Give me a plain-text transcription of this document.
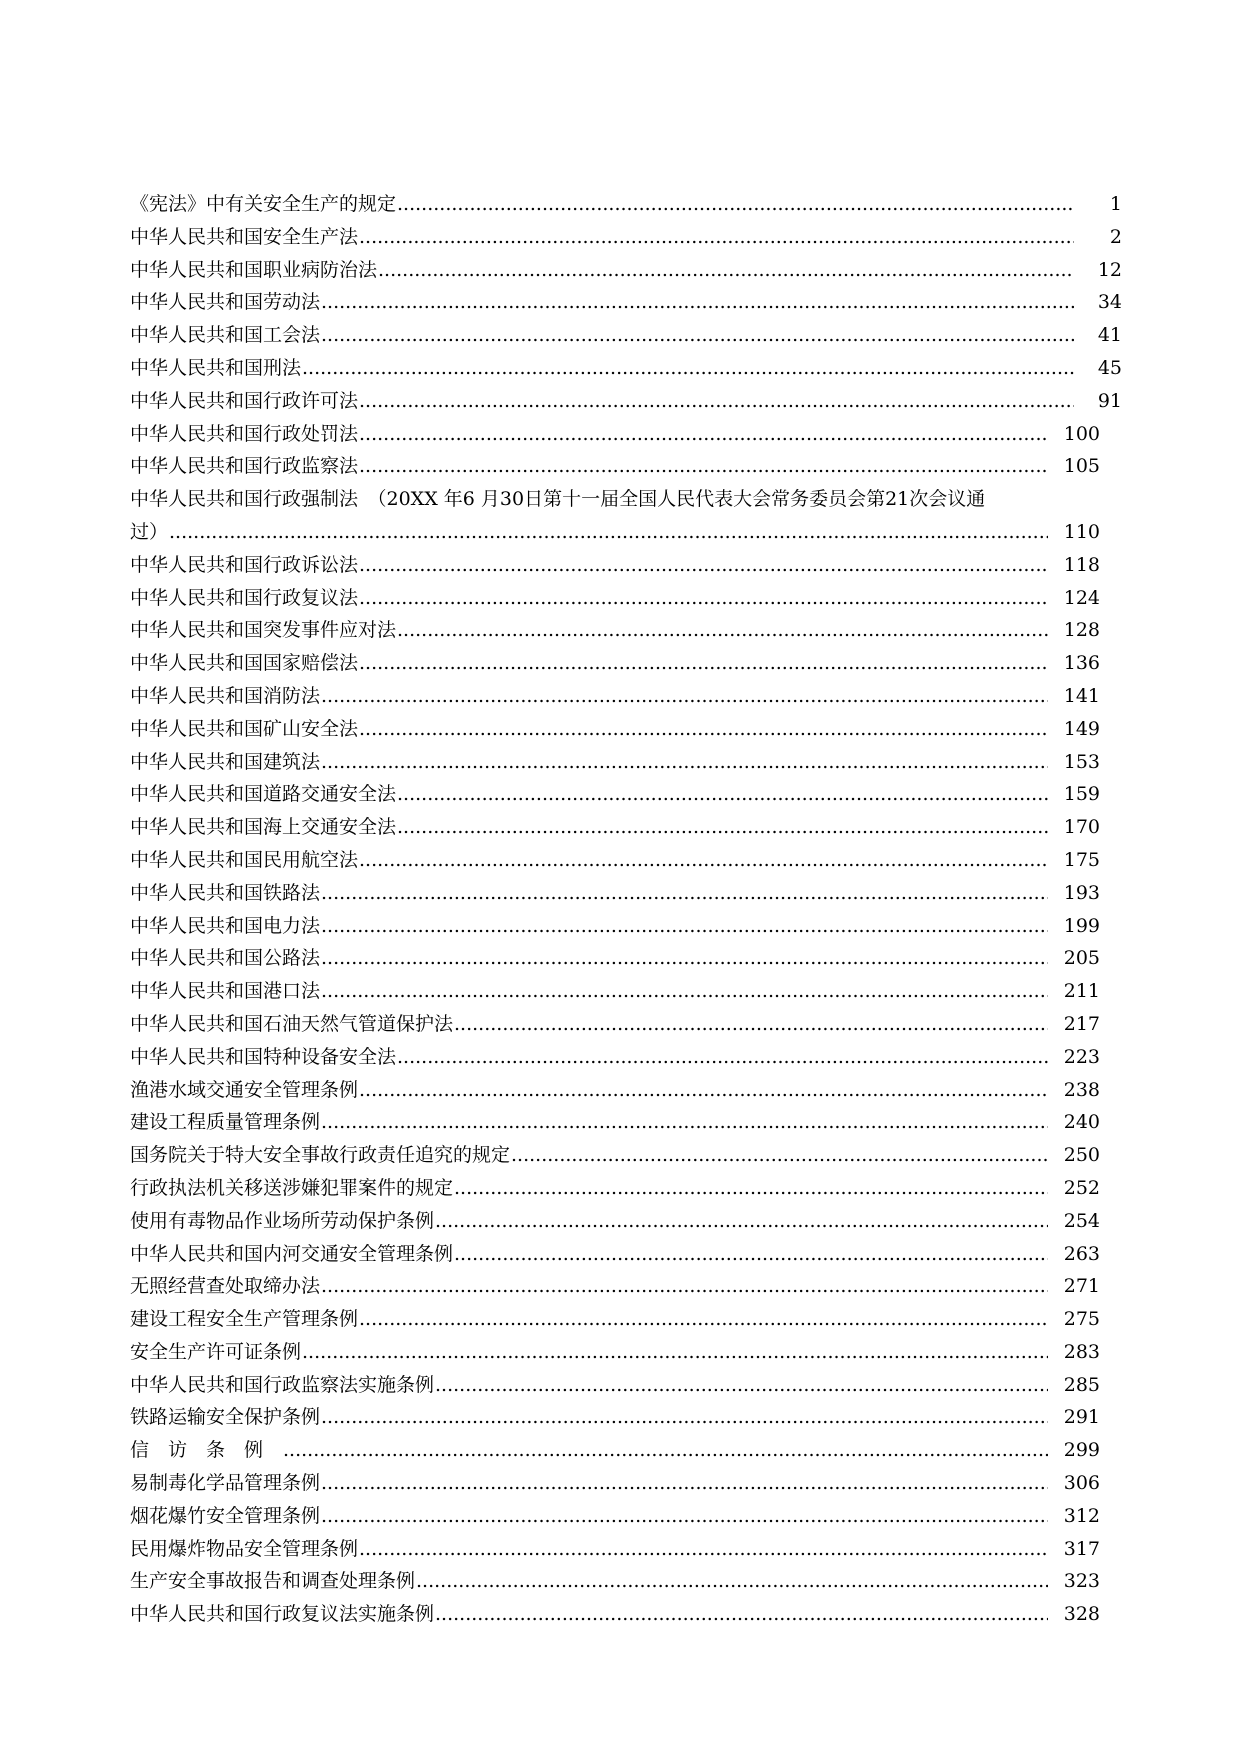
《宪法》中有关安全生产的规定 .....	1
中华人民共和国安全生产法 .....	2
中华人民共和国职业病防治法 .....	12
中华人民共和国劳动法 .....	34
中华人民共和国工会法 .....	41
中华人民共和国刑法 .....	45
中华人民共和国行政许可法 .....	91
中华人民共和国行政处罚法 .....	100
中华人民共和国行政监察法 .....	105
中华人民共和国行政强制法　（20XX 年6 月30日第十一届全国人民代表大会常务委员会第21次会议通
过） .....	110
中华人民共和国行政诉讼法 .....	118
中华人民共和国行政复议法 .....	124
中华人民共和国突发事件应对法 .....	128
中华人民共和国国家赔偿法 .....	136
中华人民共和国消防法 .....	141
中华人民共和国矿山安全法 .....	149
中华人民共和国建筑法 .....	153
中华人民共和国道路交通安全法 .....	159
中华人民共和国海上交通安全法 .....	170
中华人民共和国民用航空法 .....	175
中华人民共和国铁路法 .....	193
中华人民共和国电力法 .....	199
中华人民共和国公路法 .....	205
中华人民共和国港口法 .....	211
中华人民共和国石油天然气管道保护法 .....	217
中华人民共和国特种设备安全法 .....	223
渔港水域交通安全管理条例 .....	238
建设工程质量管理条例 .....	240
国务院关于特大安全事故行政责任追究的规定 .....	250
行政执法机关移送涉嫌犯罪案件的规定 .....	252
使用有毒物品作业场所劳动保护条例 .....	254
中华人民共和国内河交通安全管理条例 .....	263
无照经营查处取缔办法 .....	271
建设工程安全生产管理条例 .....	275
安全生产许可证条例 .....	283
中华人民共和国行政监察法实施条例 .....	285
铁路运输安全保护条例 .....	291
信访条例 .....	299
易制毒化学品管理条例 .....	306
烟花爆竹安全管理条例 .....	312
民用爆炸物品安全管理条例 .....	317
生产安全事故报告和调查处理条例 .....	323
中华人民共和国行政复议法实施条例 .....	328
